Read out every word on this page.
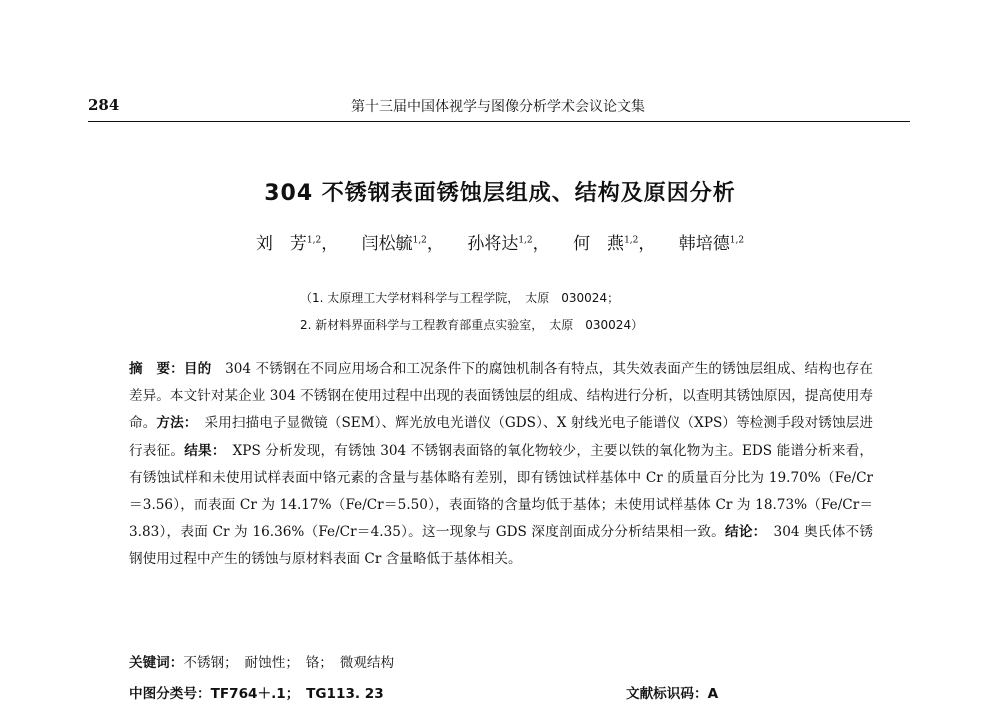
284	第十三届中国体视学与图像分析学术会议论文集
304 不锈钢表面锈蚀层组成、结构及原因分析
刘　芳$^{1,2}$， 闫松毓$^{1,2}$， 孙将达$^{1,2}$， 何　燕$^{1,2}$， 韩培德$^{1,2}$
（1. 太原理工大学材料科学与工程学院，　太原　030024；
2. 新材料界面科学与工程教育部重点实验室，　太原　030024）
摘　要：目的　304 不锈钢在不同应用场合和工况条件下的腐蚀机制各有特点，其失效表面产生的锈蚀层组成、结构也存在差异。本文针对某企业 304 不锈钢在使用过程中出现的表面锈蚀层的组成、结构进行分析，以查明其锈蚀原因，提高使用寿命。方法：　采用扫描电子显微镜（SEM）、辉光放电光谱仪（GDS）、X 射线光电子能谱仪（XPS）等检测手段对锈蚀层进行表征。结果：　XPS 分析发现，有锈蚀 304 不锈钢表面铬的氧化物较少，主要以铁的氧化物为主。EDS 能谱分析来看，有锈蚀试样和未使用试样表面中铬元素的含量与基体略有差别，即有锈蚀试样基体中 Cr 的质量百分比为 19.70%（Fe/Cr＝3.56），而表面 Cr 为 14.17%（Fe/Cr＝5.50），表面铬的含量均低于基体；未使用试样基体 Cr 为 18.73%（Fe/Cr＝3.83），表面 Cr 为 16.36%（Fe/Cr＝4.35）。这一现象与 GDS 深度剖面成分分析结果相一致。结论：　304 奥氏体不锈钢使用过程中产生的锈蚀与原材料表面 Cr 含量略低于基体相关。
关键词：不锈钢；　耐蚀性；　铬；　微观结构
中图分类号：TF764＋.1；　TG113. 23	文献标识码：A
